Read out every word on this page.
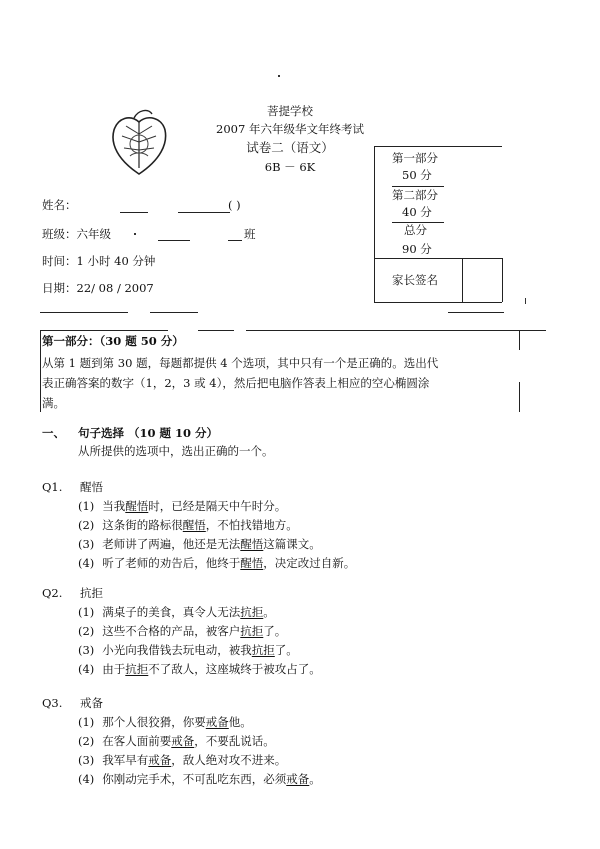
菩提学校
2007 年六年级华文年终考试
试卷二（语文）
6B － 6K
第一部分
50 分
第二部分
40 分
总分
90 分
家长签名
姓名：	( )
班级：六年级	班
时间：1 小时 40 分钟
日期：22/ 08 / 2007
第一部分：（30 题 50 分）
从第 1 题到第 30 题，每题都提供 4 个选项，其中只有一个是正确的。选出代
表正确答案的数字（1，2，3 或 4），然后把电脑作答表上相应的空心椭圆涂
满。
一、 句子选择 （10 题 10 分）
从所提供的选项中，选出正确的一个。
Q1. 醒悟
(1) 当我醒悟时，已经是隔天中午时分。
(2) 这条街的路标很醒悟，不怕找错地方。
(3) 老师讲了两遍，他还是无法醒悟这篇课文。
(4) 听了老师的劝告后，他终于醒悟，决定改过自新。
Q2. 抗拒
(1) 满桌子的美食，真令人无法抗拒。
(2) 这些不合格的产品，被客户抗拒了。
(3) 小光向我借钱去玩电动，被我抗拒了。
(4) 由于抗拒不了敌人，这座城终于被攻占了。
Q3. 戒备
(1) 那个人很狡猾，你要戒备他。
(2) 在客人面前要戒备，不要乱说话。
(3) 我军早有戒备，敌人绝对攻不进来。
(4) 你刚动完手术，不可乱吃东西，必须戒备。
